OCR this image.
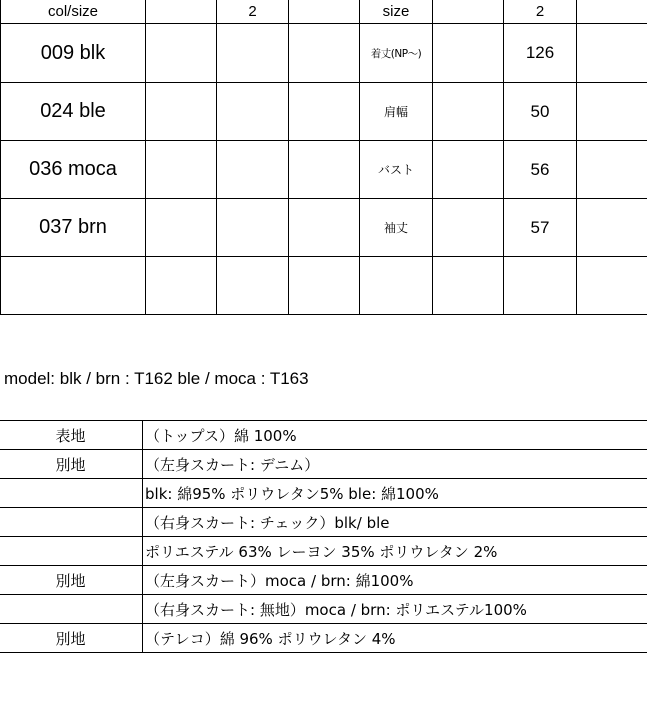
col/size		2		size		2	
009 blk				着丈(NP〜)		126	
024 ble				肩幅		50	
036 moca				バスト		56	
037 brn				袖丈		57	

model: blk / brn : T162 ble / moca : T163
表地	（トップス）綿 100%
別地	（左身スカート: デニム）
	blk: 綿95% ポリウレタン5% ble: 綿100%
	（右身スカート: チェック）blk/ ble
	ポリエステル 63% レーヨン 35% ポリウレタン 2%
別地	（左身スカート）moca / brn: 綿100%
	（右身スカート: 無地）moca / brn: ポリエステル100%
別地	（テレコ）綿 96% ポリウレタン 4%
